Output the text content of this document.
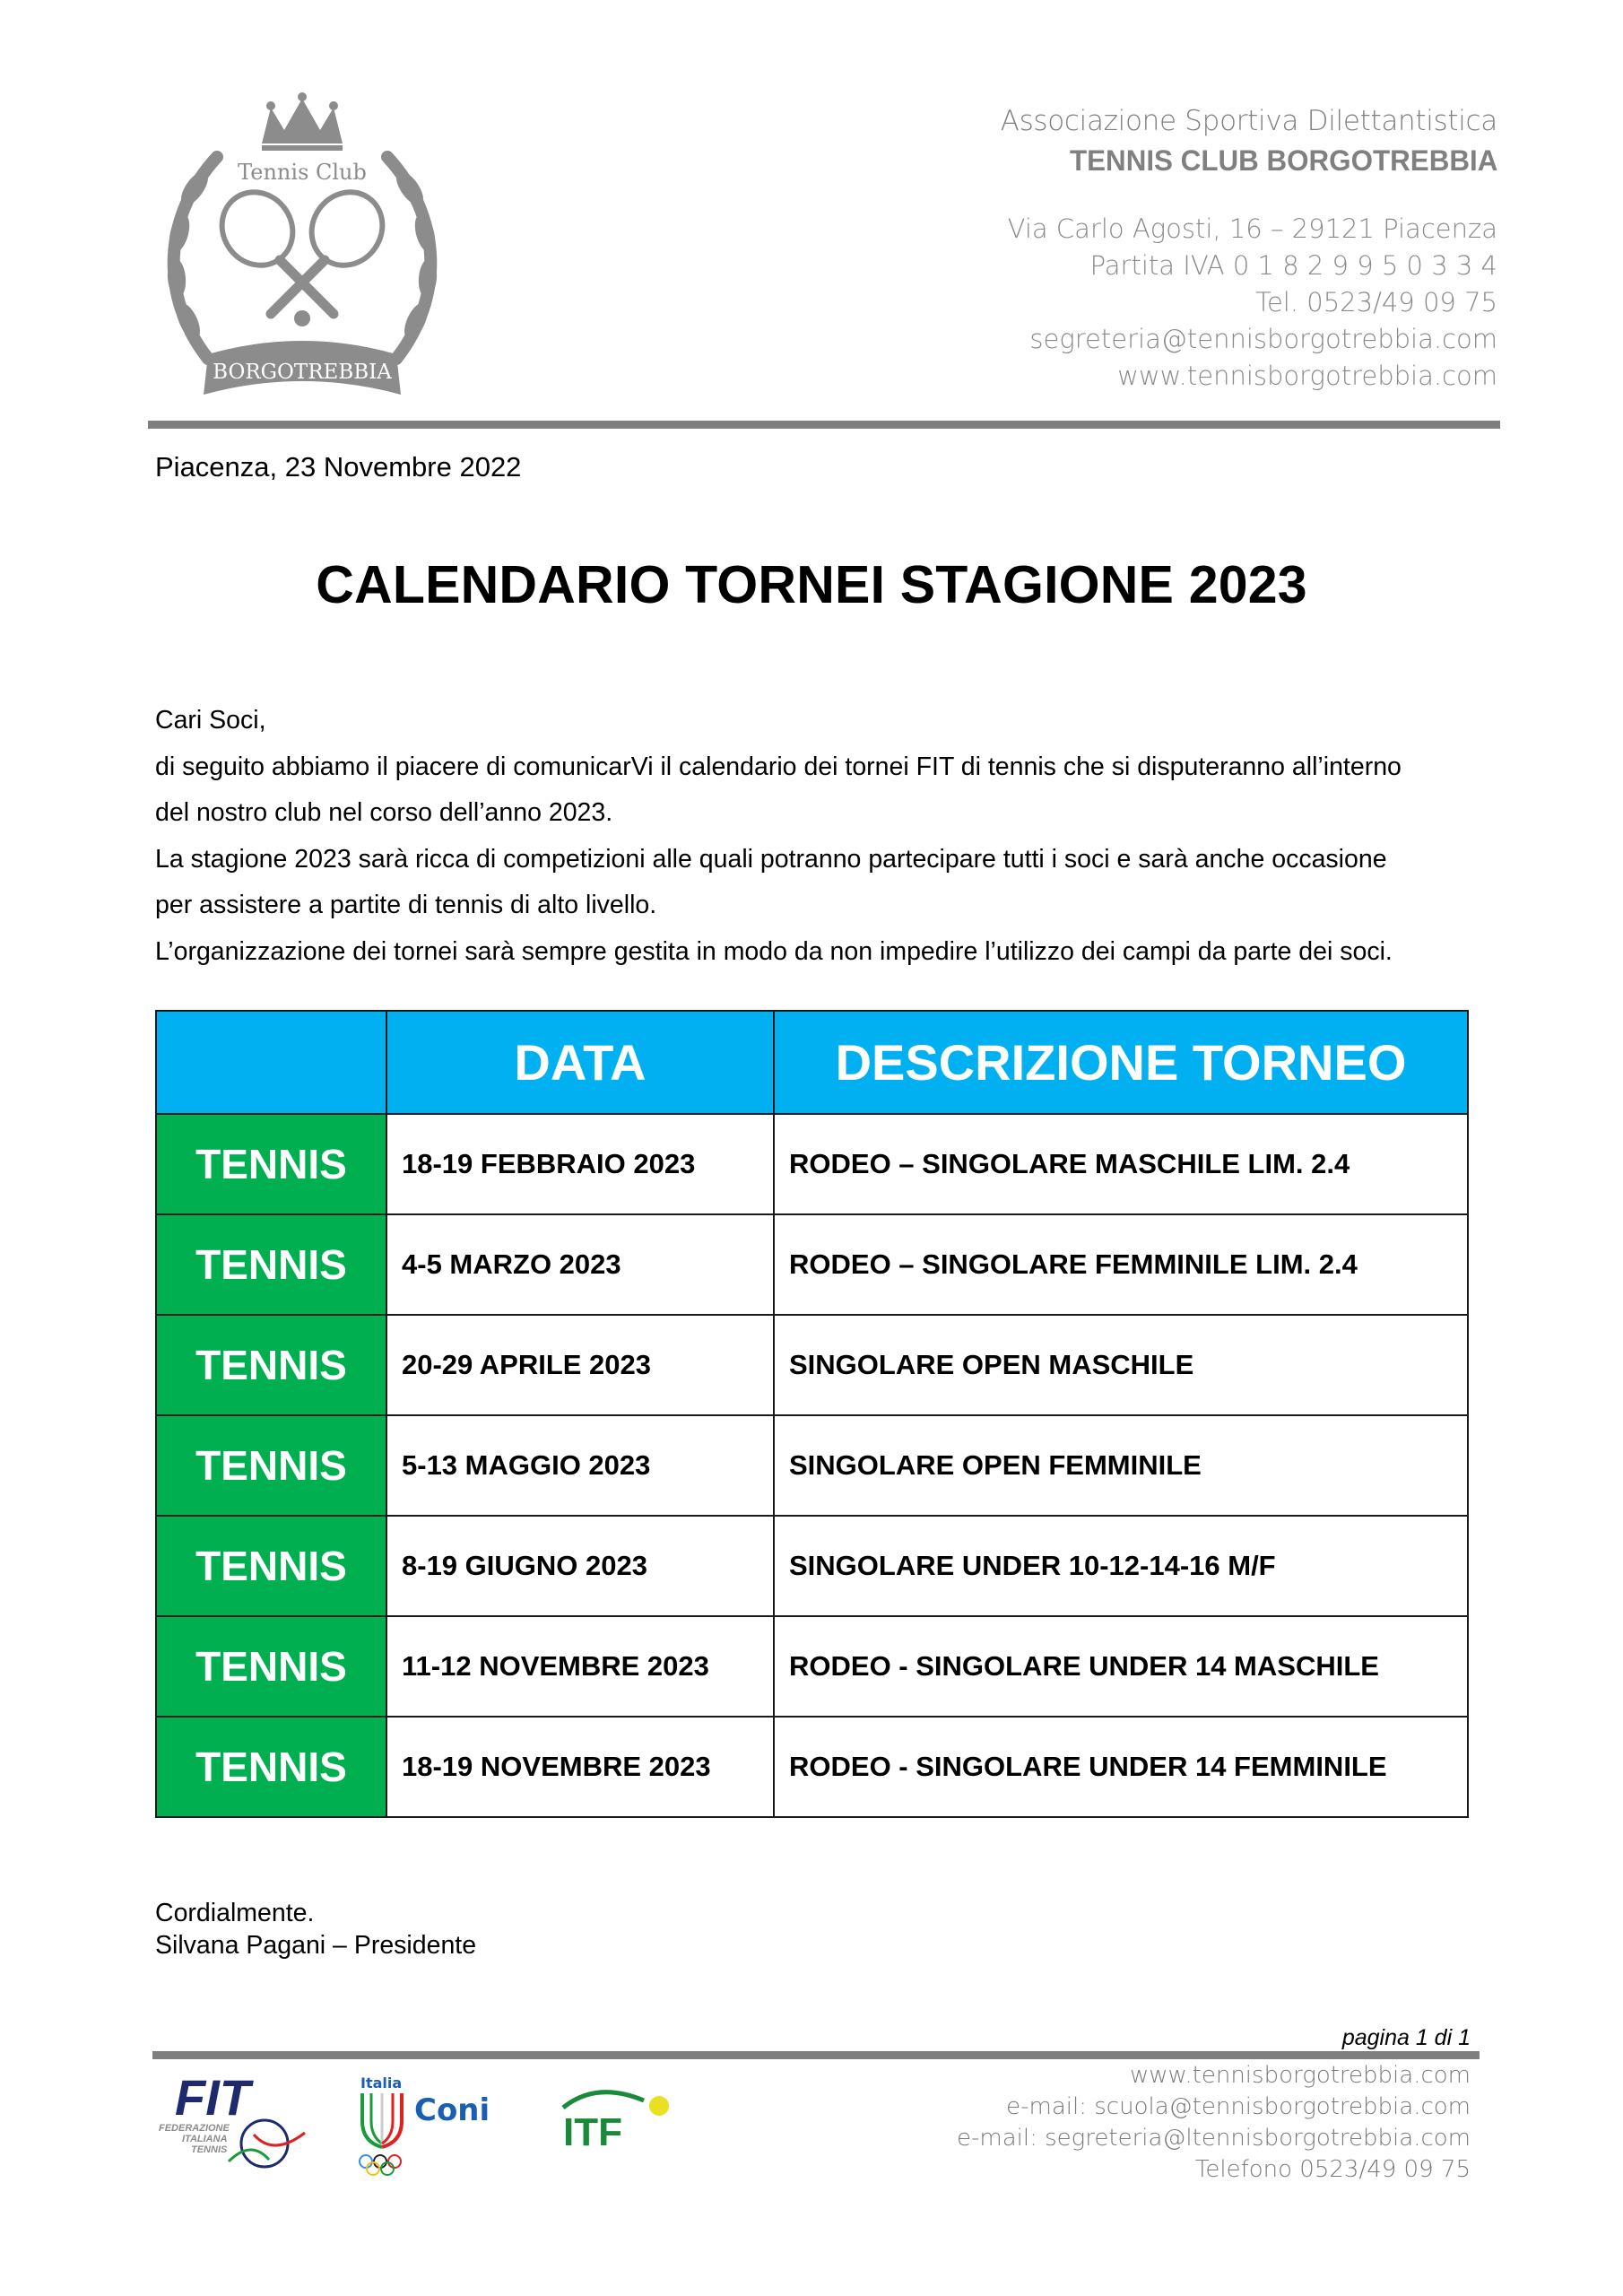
Tennis Club
BORGOTREBBIA
Associazione Sportiva Dilettantistica
TENNIS CLUB BORGOTREBBIA
Via Carlo Agosti, 16 – 29121 Piacenza
Partita IVA 0 1 8 2 9 9 5 0 3 3 4
Tel. 0523/49 09 75
segreteria@tennisborgotrebbia.com
www.tennisborgotrebbia.com
Piacenza, 23 Novembre 2022
CALENDARIO TORNEI STAGIONE 2023

Cari Soci,

di seguito abbiamo il piacere di comunicarVi il calendario dei tornei FIT di tennis che si disputeranno all’interno

del nostro club nel corso dell’anno 2023.

La stagione 2023 sarà ricca di competizioni alle quali potranno partecipare tutti i soci e sarà anche occasione

per assistere a partite di tennis di alto livello.

L’organizzazione dei tornei sarà sempre gestita in modo da non impedire l’utilizzo dei campi da parte dei soci.

	DATA	DESCRIZIONE TORNEO
TENNIS	18-19 FEBBRAIO 2023	RODEO – SINGOLARE MASCHILE LIM. 2.4
TENNIS	4-5 MARZO 2023	RODEO – SINGOLARE FEMMINILE LIM. 2.4
TENNIS	20-29 APRILE 2023	SINGOLARE OPEN MASCHILE
TENNIS	5-13 MAGGIO 2023	SINGOLARE OPEN FEMMINILE
TENNIS	8-19 GIUGNO 2023	SINGOLARE UNDER 10-12-14-16 M/F
TENNIS	11-12 NOVEMBRE 2023	RODEO - SINGOLARE UNDER 14 MASCHILE
TENNIS	18-19 NOVEMBRE 2023	RODEO - SINGOLARE UNDER 14 FEMMINILE
Cordialmente.
Silvana Pagani – Presidente
pagina 1 di 1
FIT
FEDERAZIONE
ITALIANA
TENNIS
Italia
Coni ITF
www.tennisborgotrebbia.com
e-mail: scuola@tennisborgotrebbia.com
e-mail: segreteria@ltennisborgotrebbia.com
Telefono 0523/49 09 75
